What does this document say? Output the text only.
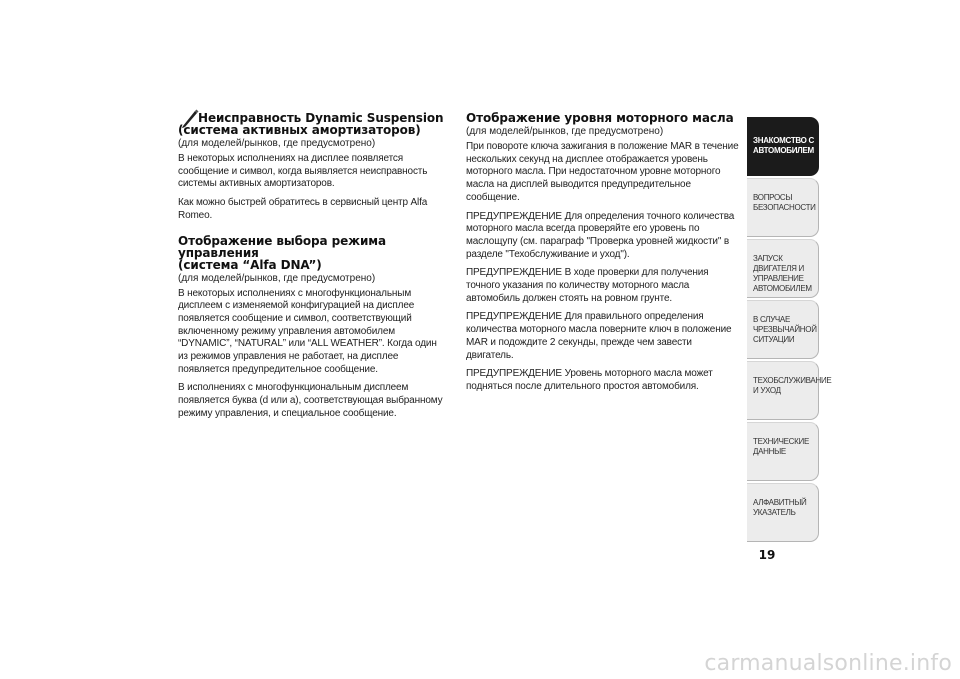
Неисправность Dynamic Suspension
(система активных амортизаторов)

(для моделей/рынков, где предусмотрено)

В некоторых исполнениях на дисплее появляется сообщение и символ, когда выявляется неисправность системы активных амортизаторов.

Как можно быстрей обратитесь в сервисный центр Alfa Romeo.

Отображение выбора режима управления
(система “Alfa DNA”)

(для моделей/рынков, где предусмотрено)

В некоторых исполнениях с многофункциональным дисплеем с изменяемой конфигурацией на дисплее появляется сообщение и символ, соответствующий включенному режиму управления автомобилем “DYNAMIC”, “NATURAL” или “ALL WEATHER”. Когда один из режимов управления не работает, на дисплее появляется предупредительное сообщение.

В исполнениях с многофункциональным дисплеем появляется буква (d или a), соответствующая выбранному режиму управления, и специальное сообщение.

Отображение уровня моторного масла

(для моделей/рынков, где предусмотрено)

При повороте ключа зажигания в положение MAR в течение нескольких секунд на дисплее отображается уровень моторного масла. При недостаточном уровне моторного масла на дисплей выводится предупредительное сообщение.

ПРЕДУПРЕЖДЕНИЕ Для определения точного количества моторного масла всегда проверяйте его уровень по маслощупу (см. параграф "Проверка уровней жидкости" в разделе "Техобслуживание и уход").

ПРЕДУПРЕЖДЕНИЕ В ходе проверки для получения точного указания по количеству моторного масла автомобиль должен стоять на ровном грунте.

ПРЕДУПРЕЖДЕНИЕ Для правильного определения количества моторного масла поверните ключ в положение MAR и подождите 2 секунды, прежде чем завести двигатель.

ПРЕДУПРЕЖДЕНИЕ Уровень моторного масла может подняться после длительного простоя автомобиля.

ЗНАКОМСТВО С
АВТОМОБИЛЕМ
ВОПРОСЫ
БЕЗОПАСНОСТИ
ЗАПУСК ДВИГАТЕЛЯ И
УПРАВЛЕНИЕ
АВТОМОБИЛЕМ
В СЛУЧАЕ
ЧРЕЗВЫЧАЙНОЙ
СИТУАЦИИ
ТЕХОБСЛУЖИВАНИЕ
И УХОД
ТЕХНИЧЕСКИЕ
ДАННЫЕ
АЛФАВИТНЫЙ
УКАЗАТЕЛЬ
19
carmanualsonline.info
